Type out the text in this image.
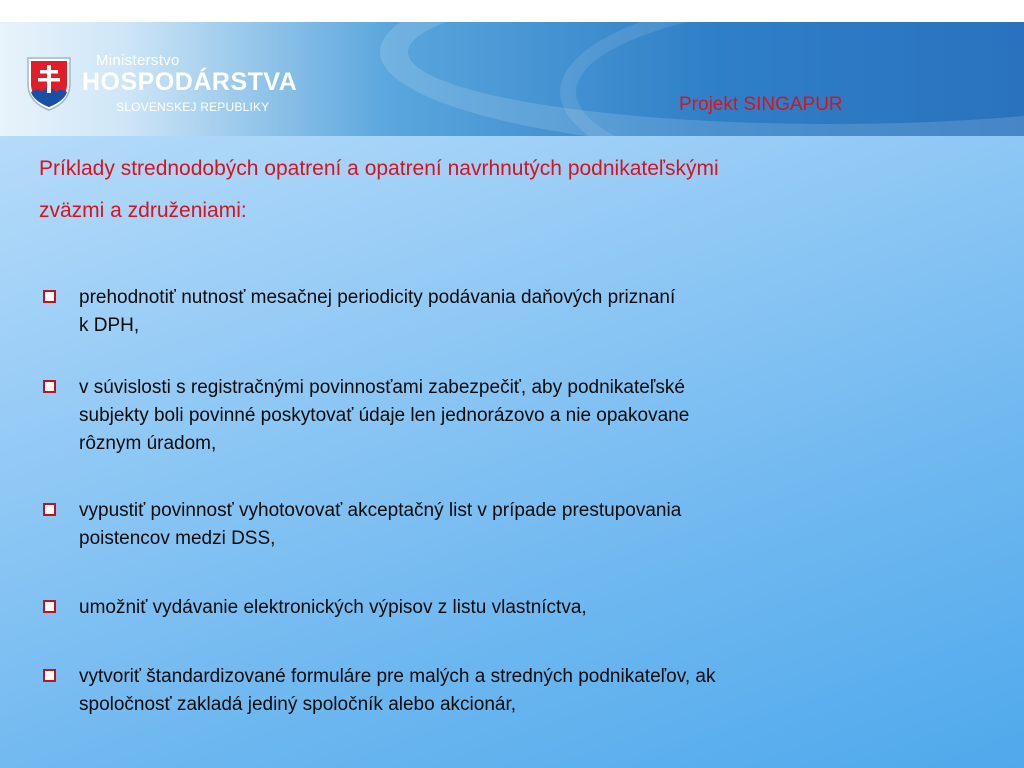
Ministerstvo
HOSPODÁRSTVA
SLOVENSKEJ REPUBLIKY	Projekt SINGAPUR
Príklady strednodobých opatrení a opatrení navrhnutých podnikateľskými
zväzmi a združeniami:
prehodnotiť nutnosť mesačnej periodicity podávania daňových priznaní
k DPH,
v súvislosti s registračnými povinnosťami zabezpečiť, aby podnikateľské
subjekty boli povinné poskytovať údaje len jednorázovo a nie opakovane
rôznym úradom,
vypustiť povinnosť vyhotovovať akceptačný list v prípade prestupovania
poistencov medzi DSS,
umožniť vydávanie elektronických výpisov z listu vlastníctva,
vytvoriť štandardizované formuláre pre malých a stredných podnikateľov, ak
spoločnosť zakladá jediný spoločník alebo akcionár,
